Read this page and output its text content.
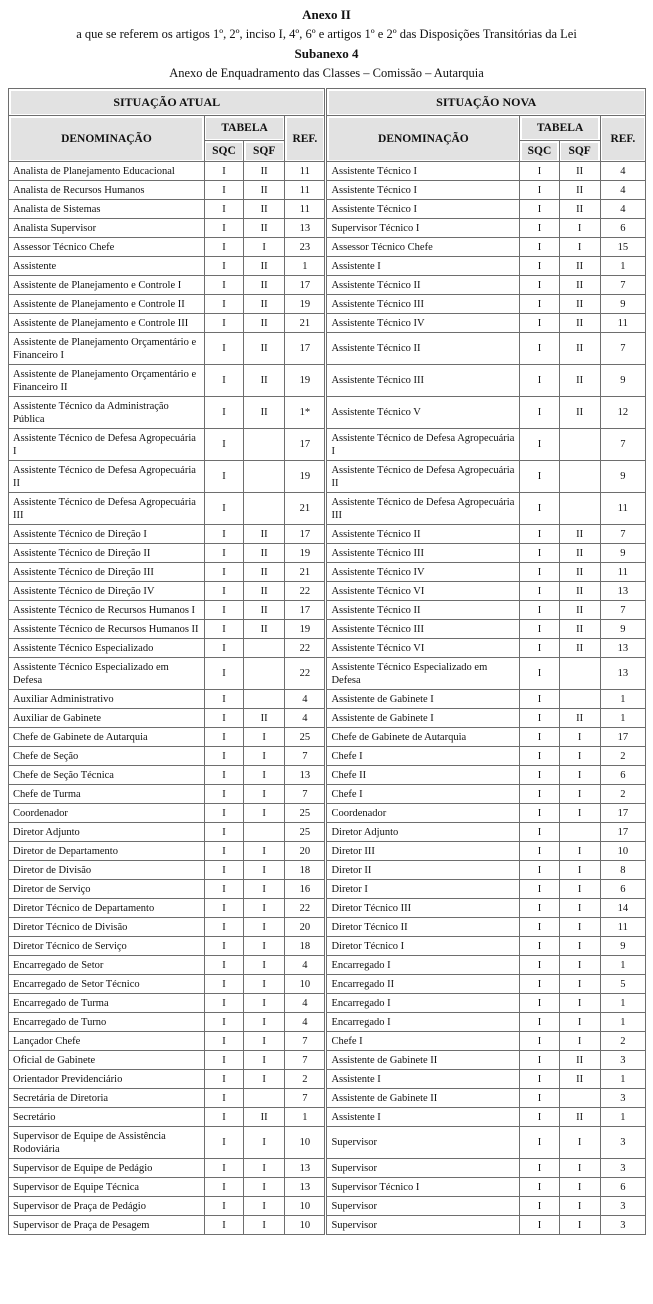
Anexo II
a que se referem os artigos 1º, 2º, inciso I, 4º, 6º e artigos 1º e 2º das Disposições Transitórias da Lei
Subanexo 4
Anexo de Enquadramento das Classes – Comissão – Autarquia
SITUAÇÃO ATUAL				SITUAÇÃO NOVA			
DENOMINAÇÃO	TABELA		REF.	DENOMINAÇÃO	TABELA		REF.
	SQC	SQF			SQC	SQF	
Analista de Planejamento Educacional	I	II	11	Assistente Técnico I	I	II	4
Analista de Recursos Humanos	I	II	11	Assistente Técnico I	I	II	4
Analista de Sistemas	I	II	11	Assistente Técnico I	I	II	4
Analista Supervisor	I	II	13	Supervisor Técnico I	I	I	6
Assessor Técnico Chefe	I	I	23	Assessor Técnico Chefe	I	I	15
Assistente	I	II	1	Assistente I	I	II	1
Assistente de Planejamento e Controle I	I	II	17	Assistente Técnico II	I	II	7
Assistente de Planejamento e Controle II	I	II	19	Assistente Técnico III	I	II	9
Assistente de Planejamento e Controle III	I	II	21	Assistente Técnico IV	I	II	11
Assistente de Planejamento Orçamentário e Financeiro I	I	II	17	Assistente Técnico II	I	II	7
Assistente de Planejamento Orçamentário e Financeiro II	I	II	19	Assistente Técnico III	I	II	9
Assistente Técnico da Administração Pública	I	II	1*	Assistente Técnico V	I	II	12
Assistente Técnico de Defesa Agropecuária I	I		17	Assistente Técnico de Defesa Agropecuária I	I		7
Assistente Técnico de Defesa Agropecuária II	I		19	Assistente Técnico de Defesa Agropecuária II	I		9
Assistente Técnico de Defesa Agropecuária III	I		21	Assistente Técnico de Defesa Agropecuária III	I		11
Assistente Técnico de Direção I	I	II	17	Assistente Técnico II	I	II	7
Assistente Técnico de Direção II	I	II	19	Assistente Técnico III	I	II	9
Assistente Técnico de Direção III	I	II	21	Assistente Técnico IV	I	II	11
Assistente Técnico de Direção IV	I	II	22	Assistente Técnico VI	I	II	13
Assistente Técnico de Recursos Humanos I	I	II	17	Assistente Técnico II	I	II	7
Assistente Técnico de Recursos Humanos II	I	II	19	Assistente Técnico III	I	II	9
Assistente Técnico Especializado	I		22	Assistente Técnico VI	I	II	13
Assistente Técnico Especializado em Defesa	I		22	Assistente Técnico Especializado em Defesa	I		13
Auxiliar Administrativo	I		4	Assistente de Gabinete I	I		1
Auxiliar de Gabinete	I	II	4	Assistente de Gabinete I	I	II	1
Chefe de Gabinete de Autarquia	I	I	25	Chefe de Gabinete de Autarquia	I	I	17
Chefe de Seção	I	I	7	Chefe I	I	I	2
Chefe de Seção Técnica	I	I	13	Chefe II	I	I	6
Chefe de Turma	I	I	7	Chefe I	I	I	2
Coordenador	I	I	25	Coordenador	I	I	17
Diretor Adjunto	I		25	Diretor Adjunto	I		17
Diretor de Departamento	I	I	20	Diretor III	I	I	10
Diretor de Divisão	I	I	18	Diretor II	I	I	8
Diretor de Serviço	I	I	16	Diretor I	I	I	6
Diretor Técnico de Departamento	I	I	22	Diretor Técnico III	I	I	14
Diretor Técnico de Divisão	I	I	20	Diretor Técnico II	I	I	11
Diretor Técnico de Serviço	I	I	18	Diretor Técnico I	I	I	9
Encarregado de Setor	I	I	4	Encarregado I	I	I	1
Encarregado de Setor Técnico	I	I	10	Encarregado II	I	I	5
Encarregado de Turma	I	I	4	Encarregado I	I	I	1
Encarregado de Turno	I	I	4	Encarregado I	I	I	1
Lançador Chefe	I	I	7	Chefe I	I	I	2
Oficial de Gabinete	I	I	7	Assistente de Gabinete II	I	II	3
Orientador Previdenciário	I	I	2	Assistente I	I	II	1
Secretária de Diretoria	I		7	Assistente de Gabinete II	I		3
Secretário	I	II	1	Assistente I	I	II	1
Supervisor de Equipe de Assistência Rodoviária	I	I	10	Supervisor	I	I	3
Supervisor de Equipe de Pedágio	I	I	13	Supervisor	I	I	3
Supervisor de Equipe Técnica	I	I	13	Supervisor Técnico I	I	I	6
Supervisor de Praça de Pedágio	I	I	10	Supervisor	I	I	3
Supervisor de Praça de Pesagem	I	I	10	Supervisor	I	I	3
